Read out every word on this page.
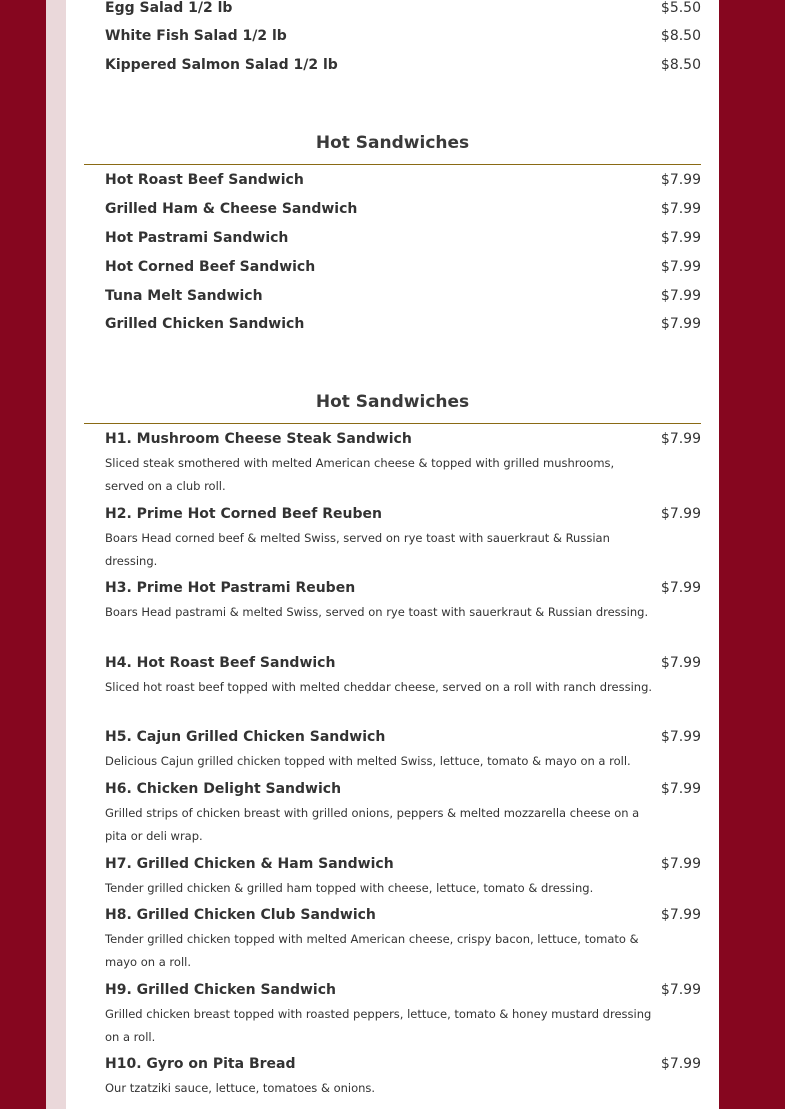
Egg Salad 1/2 lb	$5.50
White Fish Salad 1/2 lb	$8.50
Kippered Salmon Salad 1/2 lb	$8.50
Hot Sandwiches
Hot Roast Beef Sandwich	$7.99
Grilled Ham & Cheese Sandwich	$7.99
Hot Pastrami Sandwich	$7.99
Hot Corned Beef Sandwich	$7.99
Tuna Melt Sandwich	$7.99
Grilled Chicken Sandwich	$7.99
Hot Sandwiches
H1. Mushroom Cheese Steak Sandwich	$7.99
Sliced steak smothered with melted American cheese & topped with grilled mushrooms, served on a club roll.
H2. Prime Hot Corned Beef Reuben	$7.99
Boars Head corned beef & melted Swiss, served on rye toast with sauerkraut & Russian dressing.
H3. Prime Hot Pastrami Reuben	$7.99
Boars Head pastrami & melted Swiss, served on rye toast with sauerkraut & Russian dressing.
H4. Hot Roast Beef Sandwich	$7.99
Sliced hot roast beef topped with melted cheddar cheese, served on a roll with ranch dressing.
H5. Cajun Grilled Chicken Sandwich	$7.99
Delicious Cajun grilled chicken topped with melted Swiss, lettuce, tomato & mayo on a roll.
H6. Chicken Delight Sandwich	$7.99
Grilled strips of chicken breast with grilled onions, peppers & melted mozzarella cheese on a pita or deli wrap.
H7. Grilled Chicken & Ham Sandwich	$7.99
Tender grilled chicken & grilled ham topped with cheese, lettuce, tomato & dressing.
H8. Grilled Chicken Club Sandwich	$7.99
Tender grilled chicken topped with melted American cheese, crispy bacon, lettuce, tomato & mayo on a roll.
H9. Grilled Chicken Sandwich	$7.99
Grilled chicken breast topped with roasted peppers, lettuce, tomato & honey mustard dressing on a roll.
H10. Gyro on Pita Bread	$7.99
Our tzatziki sauce, lettuce, tomatoes & onions.
